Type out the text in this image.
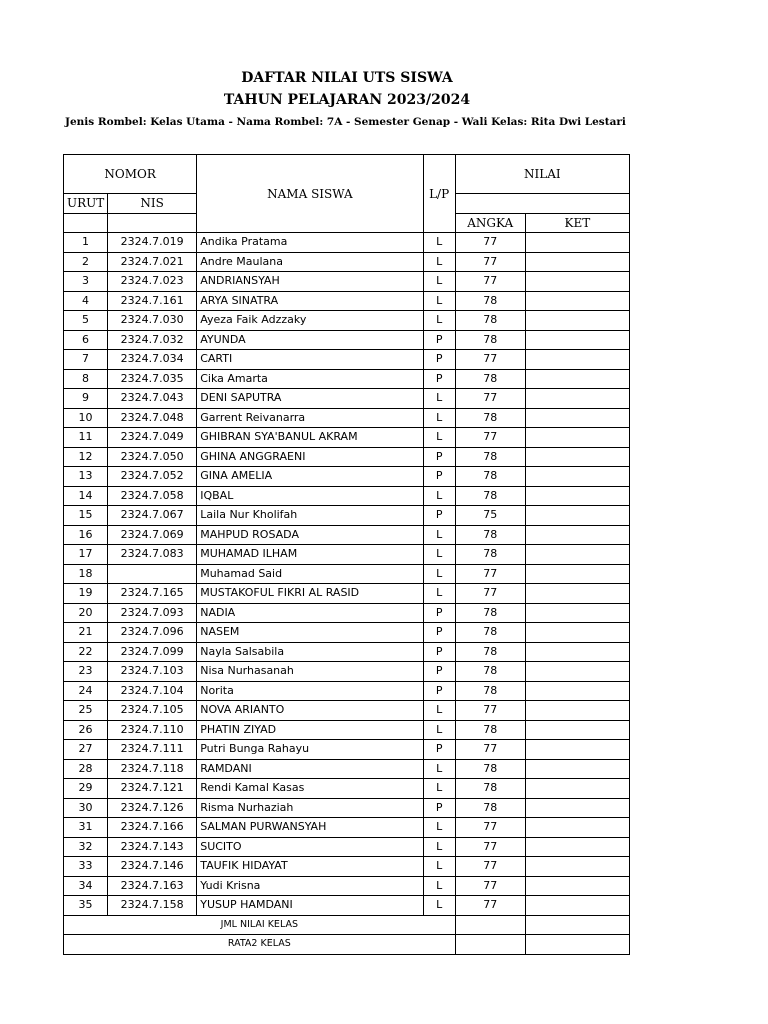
DAFTAR NILAI UTS SISWA
TAHUN PELAJARAN 2023/2024
Jenis Rombel: Kelas Utama - Nama Rombel: 7A - Semester Genap - Wali Kelas: Rita Dwi Lestari
NOMOR		NAMA SISWA	L/P	NILAI	
URUT	NIS				
				ANGKA	KET
1	2324.7.019	Andika Pratama	L	77	
2	2324.7.021	Andre Maulana	L	77	
3	2324.7.023	ANDRIANSYAH	L	77	
4	2324.7.161	ARYA SINATRA	L	78	
5	2324.7.030	Ayeza Faik Adzzaky	L	78	
6	2324.7.032	AYUNDA	P	78	
7	2324.7.034	CARTI	P	77	
8	2324.7.035	Cika Amarta	P	78	
9	2324.7.043	DENI SAPUTRA	L	77	
10	2324.7.048	Garrent Reivanarra	L	78	
11	2324.7.049	GHIBRAN SYA'BANUL AKRAM	L	77	
12	2324.7.050	GHINA ANGGRAENI	P	78	
13	2324.7.052	GINA AMELIA	P	78	
14	2324.7.058	IQBAL	L	78	
15	2324.7.067	Laila Nur Kholifah	P	75	
16	2324.7.069	MAHPUD ROSADA	L	78	
17	2324.7.083	MUHAMAD ILHAM	L	78	
18		Muhamad Said	L	77	
19	2324.7.165	MUSTAKOFUL FIKRI AL RASID	L	77	
20	2324.7.093	NADIA	P	78	
21	2324.7.096	NASEM	P	78	
22	2324.7.099	Nayla Salsabila	P	78	
23	2324.7.103	Nisa Nurhasanah	P	78	
24	2324.7.104	Norita	P	78	
25	2324.7.105	NOVA ARIANTO	L	77	
26	2324.7.110	PHATIN ZIYAD	L	78	
27	2324.7.111	Putri Bunga Rahayu	P	77	
28	2324.7.118	RAMDANI	L	78	
29	2324.7.121	Rendi Kamal Kasas	L	78	
30	2324.7.126	Risma Nurhaziah	P	78	
31	2324.7.166	SALMAN PURWANSYAH	L	77	
32	2324.7.143	SUCITO	L	77	
33	2324.7.146	TAUFIK HIDAYAT	L	77	
34	2324.7.163	Yudi Krisna	L	77	
35	2324.7.158	YUSUP HAMDANI	L	77	
JML NILAI KELAS					
RATA2 KELAS					
